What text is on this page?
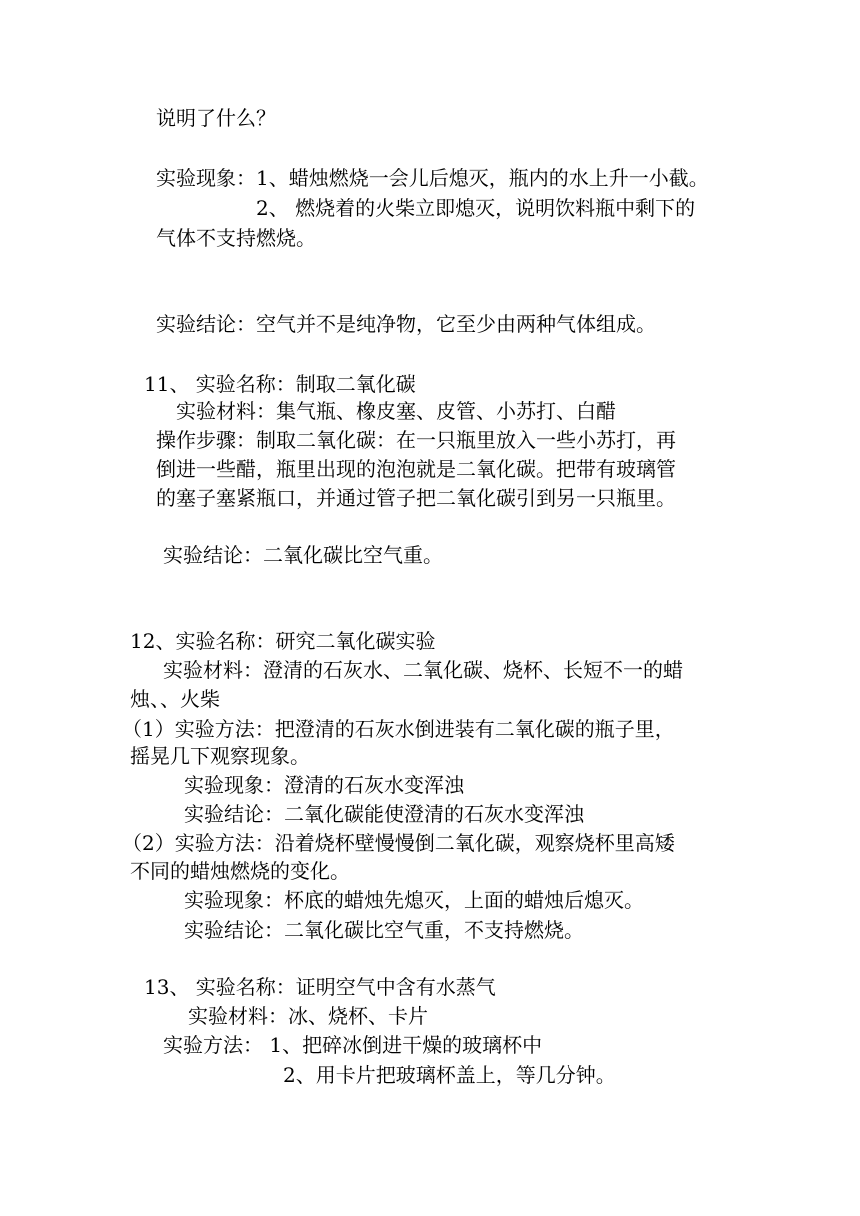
说明了什么？
实验现象：1、蜡烛燃烧一会儿后熄灭，瓶内的水上升一小截。
2、 燃烧着的火柴立即熄灭，说明饮料瓶中剩下的
气体不支持燃烧。
实验结论：空气并不是纯净物，它至少由两种气体组成。
11、 实验名称：制取二氧化碳
实验材料：集气瓶、橡皮塞、皮管、小苏打、白醋
操作步骤：制取二氧化碳：在一只瓶里放入一些小苏打，再
倒进一些醋，瓶里出现的泡泡就是二氧化碳。把带有玻璃管
的塞子塞紧瓶口，并通过管子把二氧化碳引到另一只瓶里。
实验结论：二氧化碳比空气重。
12、实验名称：研究二氧化碳实验
实验材料：澄清的石灰水、二氧化碳、烧杯、长短不一的蜡
烛、、火柴
（1）实验方法：把澄清的石灰水倒进装有二氧化碳的瓶子里，
摇晃几下观察现象。
实验现象：澄清的石灰水变浑浊
实验结论：二氧化碳能使澄清的石灰水变浑浊
（2）实验方法：沿着烧杯壁慢慢倒二氧化碳，观察烧杯里高矮
不同的蜡烛燃烧的变化。
实验现象：杯底的蜡烛先熄灭，上面的蜡烛后熄灭。
实验结论：二氧化碳比空气重，不支持燃烧。
13、 实验名称：证明空气中含有水蒸气
实验材料：冰、烧杯、卡片
实验方法： 1、把碎冰倒进干燥的玻璃杯中
2、用卡片把玻璃杯盖上，等几分钟。
